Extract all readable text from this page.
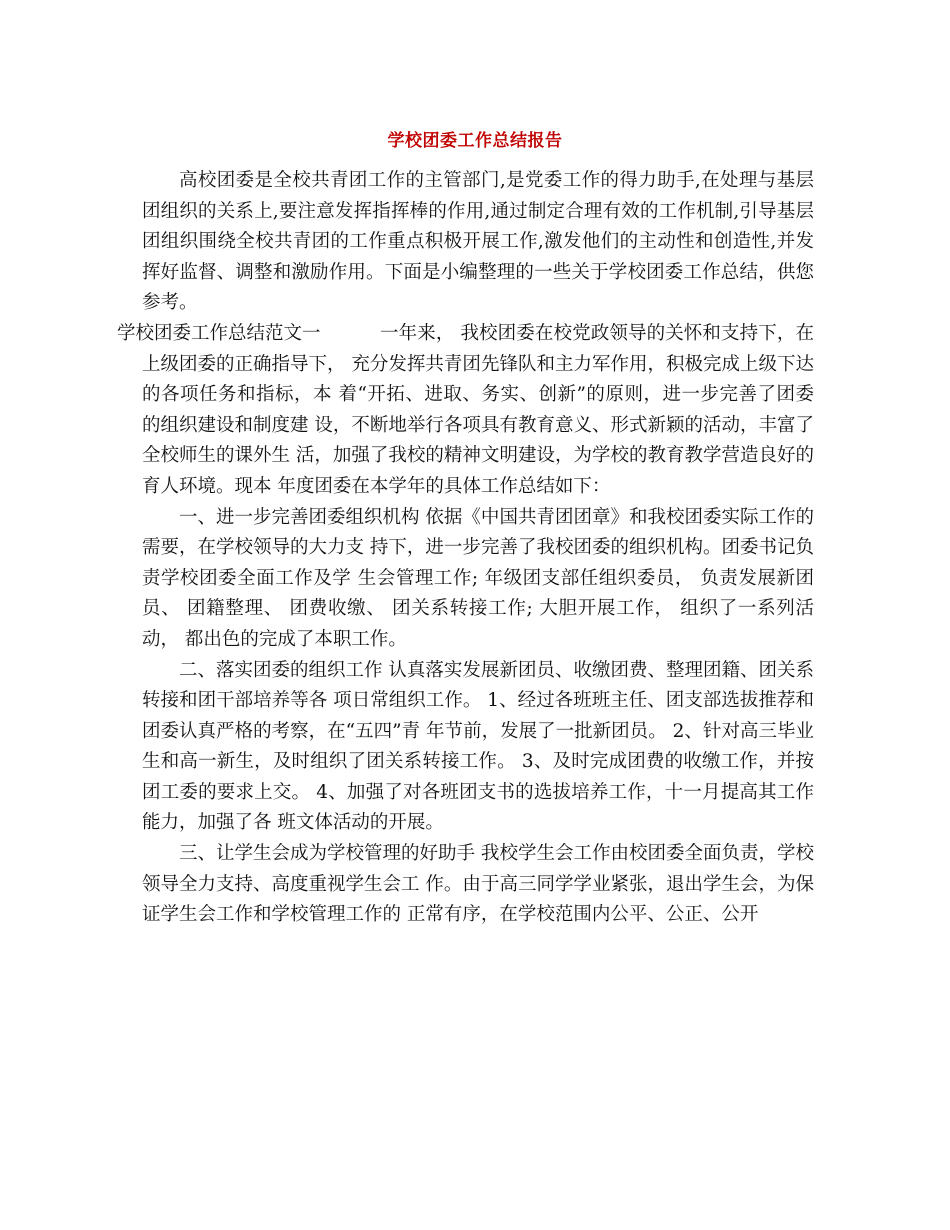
学校团委工作总结报告

高校团委是全校共青团工作的主管部门,是党委工作的得力助手,在处理与基层团组织的关系上,要注意发挥指挥棒的作用,通过制定合理有效的工作机制,引导基层团组织围绕全校共青团的工作重点积极开展工作,激发他们的主动性和创造性,并发挥好监督、调整和激励作用。下面是小编整理的一些关于学校团委工作总结，供您参考。

学校团委工作总结范文一	一年来， 我校团委在校党政领导的关怀和支持下，在上级团委的正确指导下， 充分发挥共青团先锋队和主力军作用，积极完成上级下达的各项任务和指标，本 着“开拓、进取、务实、创新”的原则，进一步完善了团委的组织建设和制度建 设，不断地举行各项具有教育意义、形式新颖的活动，丰富了全校师生的课外生 活，加强了我校的精神文明建设，为学校的教育教学营造良好的育人环境。现本 年度团委在本学年的具体工作总结如下：

一、进一步完善团委组织机构 依据《中国共青团团章》和我校团委实际工作的需要，在学校领导的大力支 持下，进一步完善了我校团委的组织机构。团委书记负责学校团委全面工作及学 生会管理工作; 年级团支部任组织委员， 负责发展新团员、 团籍整理、 团费收缴、 团关系转接工作; 大胆开展工作， 组织了一系列活动， 都出色的完成了本职工作。

二、落实团委的组织工作 认真落实发展新团员、收缴团费、整理团籍、团关系转接和团干部培养等各 项日常组织工作。 1、经过各班班主任、团支部选拔推荐和团委认真严格的考察，在“五四”青 年节前，发展了一批新团员。 2、针对高三毕业生和高一新生，及时组织了团关系转接工作。 3、及时完成团费的收缴工作，并按团工委的要求上交。 4、加强了对各班团支书的选拔培养工作，十一月提高其工作能力，加强了各 班文体活动的开展。

三、让学生会成为学校管理的好助手 我校学生会工作由校团委全面负责，学校领导全力支持、高度重视学生会工 作。由于高三同学学业紧张，退出学生会，为保证学生会工作和学校管理工作的 正常有序，在学校范围内公平、公正、公开
